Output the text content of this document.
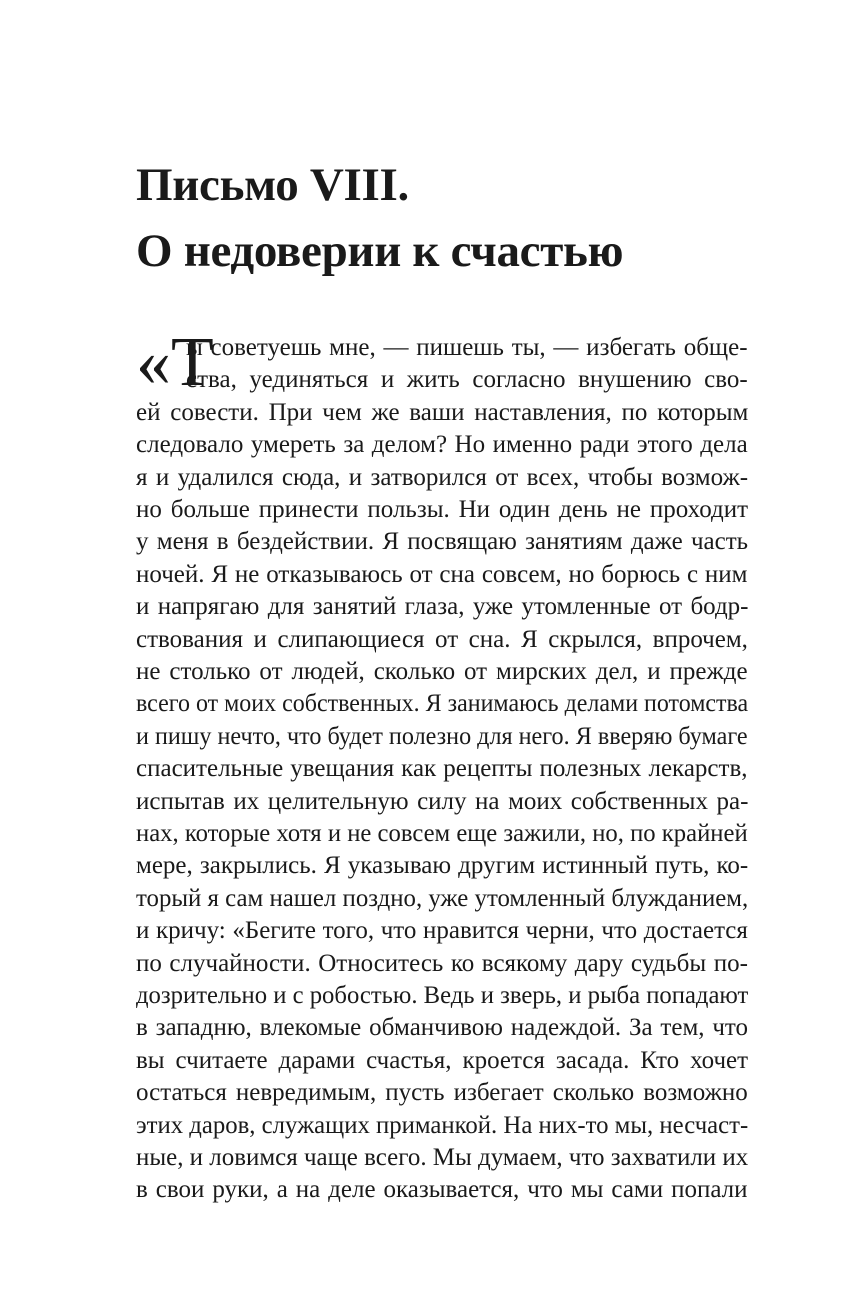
Письмо VIII.
О недоверии к счастью
«Т
ы советуешь мне, — пишешь ты, — избегать обще-
ства, уединяться и жить согласно внушению сво-
ей совести. При чем же ваши наставления, по которым
следовало умереть за делом? Но именно ради этого дела
я и удалился сюда, и затворился от всех, чтобы возмож-
но больше принести пользы. Ни один день не проходит
у меня в бездействии. Я посвящаю занятиям даже часть
ночей. Я не отказываюсь от сна совсем, но борюсь с ним
и напрягаю для занятий глаза, уже утомленные от бодр-
ствования и слипающиеся от сна. Я скрылся, впрочем,
не столько от людей, сколько от мирских дел, и прежде
всего от моих собственных. Я занимаюсь делами потомства
и пишу нечто, что будет полезно для него. Я вверяю бумаге
спасительные увещания как рецепты полезных лекарств,
испытав их целительную силу на моих собственных ра-
нах, которые хотя и не совсем еще зажили, но, по крайней
мере, закрылись. Я указываю другим истинный путь, ко-
торый я сам нашел поздно, уже утомленный блужданием,
и кричу: «Бегите того, что нравится черни, что достается
по случайности. Относитесь ко всякому дару судьбы по-
дозрительно и с робостью. Ведь и зверь, и рыба попадают
в западню, влекомые обманчивою надеждой. За тем, что
вы считаете дарами счастья, кроется засада. Кто хочет
остаться невредимым, пусть избегает сколько возможно
этих даров, служащих приманкой. На них-то мы, несчаст-
ные, и ловимся чаще всего. Мы думаем, что захватили их
в свои руки, а на деле оказывается, что мы сами попали
